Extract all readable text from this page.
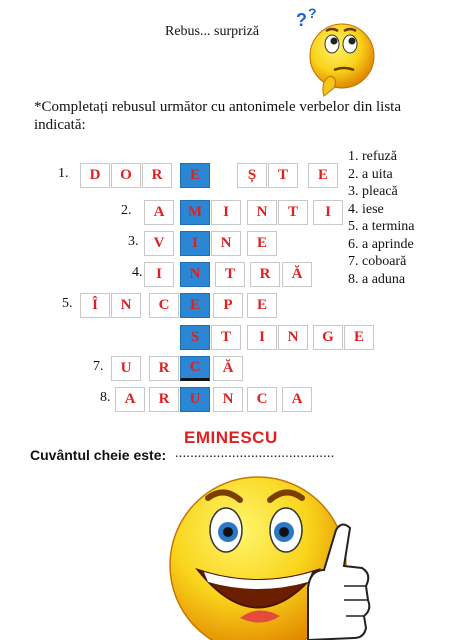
Rebus... surpriză
? ?
*Completați rebusul următor cu antonimele verbelor din lista indicată:
1.	D	O	R	E	Ș	T	E
2.	A	M	I	N	T	I
3.	V	I	N	E
4. I	N	T	R	Ă
5.	Î	N	C	E	P	E
S	T	I	N	G	E
7.	U	R	C	Ă
8. A	R	U	N	C	A
1. refuză
2. a uita
3. pleacă
4. iese
5. a termina
6. a aprinde
7. coboară
8. a aduna
Cuvântul cheie este: ..........................................
EMINESCU
